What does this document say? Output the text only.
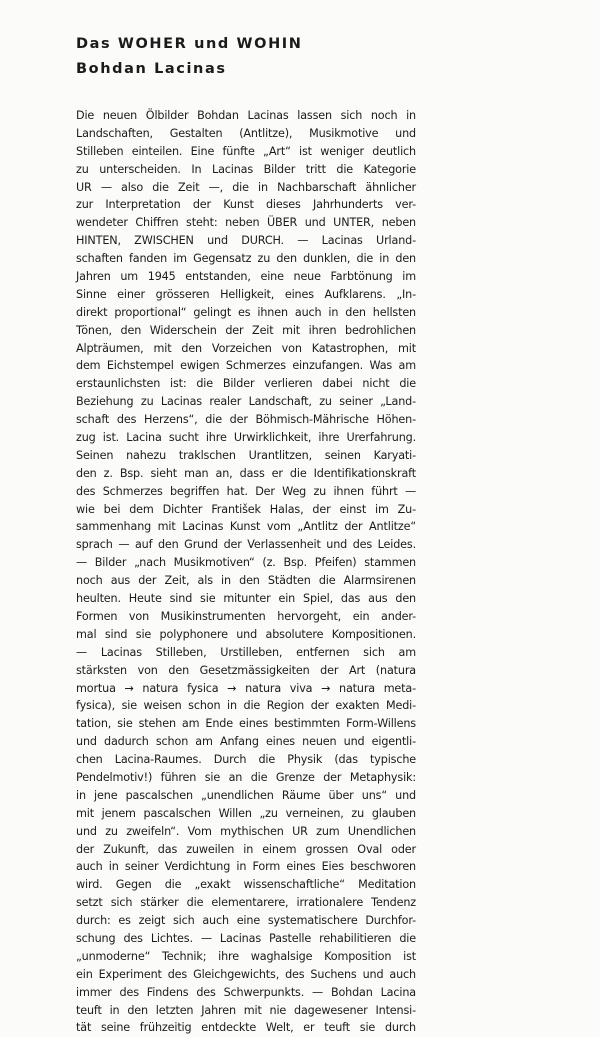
Das WOHER und WOHIN
Bohdan Lacinas
Die neuen Ölbilder Bohdan Lacinas lassen sich noch in
Landschaften, Gestalten (Antlitze), Musikmotive und
Stilleben einteilen. Eine fünfte „Art“ ist weniger deutlich
zu unterscheiden. In Lacinas Bilder tritt die Kategorie
UR — also die Zeit —, die in Nachbarschaft ähnlicher
zur Interpretation der Kunst dieses Jahrhunderts ver-
wendeter Chiffren steht: neben ÜBER und UNTER, neben
HINTEN, ZWISCHEN und DURCH. — Lacinas Urland-
schaften fanden im Gegensatz zu den dunklen, die in den
Jahren um 1945 entstanden, eine neue Farbtönung im
Sinne einer grösseren Helligkeit, eines Aufklarens. „In-
direkt proportional“ gelingt es ihnen auch in den hellsten
Tönen, den Widerschein der Zeit mit ihren bedrohlichen
Alpträumen, mit den Vorzeichen von Katastrophen, mit
dem Eichstempel ewigen Schmerzes einzufangen. Was am
erstaunlichsten ist: die Bilder verlieren dabei nicht die
Beziehung zu Lacinas realer Landschaft, zu seiner „Land-
schaft des Herzens“, die der Böhmisch-Mährische Höhen-
zug ist. Lacina sucht ihre Urwirklichkeit, ihre Urerfahrung.
Seinen nahezu traklschen Urantlitzen, seinen Karyati-
den z. Bsp. sieht man an, dass er die Identifikationskraft
des Schmerzes begriffen hat. Der Weg zu ihnen führt —
wie bei dem Dichter František Halas, der einst im Zu-
sammenhang mit Lacinas Kunst vom „Antlitz der Antlitze“
sprach — auf den Grund der Verlassenheit und des Leides.
— Bilder „nach Musikmotiven“ (z. Bsp. Pfeifen) stammen
noch aus der Zeit, als in den Städten die Alarmsirenen
heulten. Heute sind sie mitunter ein Spiel, das aus den
Formen von Musikinstrumenten hervorgeht, ein ander-
mal sind sie polyphonere und absolutere Kompositionen.
— Lacinas Stilleben, Urstilleben, entfernen sich am
stärksten von den Gesetzmässigkeiten der Art (natura
mortua → natura fysica → natura viva → natura meta-
fysica), sie weisen schon in die Region der exakten Medi-
tation, sie stehen am Ende eines bestimmten Form-Willens
und dadurch schon am Anfang eines neuen und eigentli-
chen Lacina-Raumes. Durch die Physik (das typische
Pendelmotiv!) führen sie an die Grenze der Metaphysik:
in jene pascalschen „unendlichen Räume über uns“ und
mit jenem pascalschen Willen „zu verneinen, zu glauben
und zu zweifeln“. Vom mythischen UR zum Unendlichen
der Zukunft, das zuweilen in einem grossen Oval oder
auch in seiner Verdichtung in Form eines Eies beschworen
wird. Gegen die „exakt wissenschaftliche“ Meditation
setzt sich stärker die elementarere, irrationalere Tendenz
durch: es zeigt sich auch eine systematischere Durchfor-
schung des Lichtes. — Lacinas Pastelle rehabilitieren die
„unmoderne“ Technik; ihre waghalsige Komposition ist
ein Experiment des Gleichgewichts, des Suchens und auch
immer des Findens des Schwerpunkts. — Bohdan Lacina
teuft in den letzten Jahren mit nie dagewesener Intensi-
tät seine frühzeitig entdeckte Welt, er teuft sie durch
